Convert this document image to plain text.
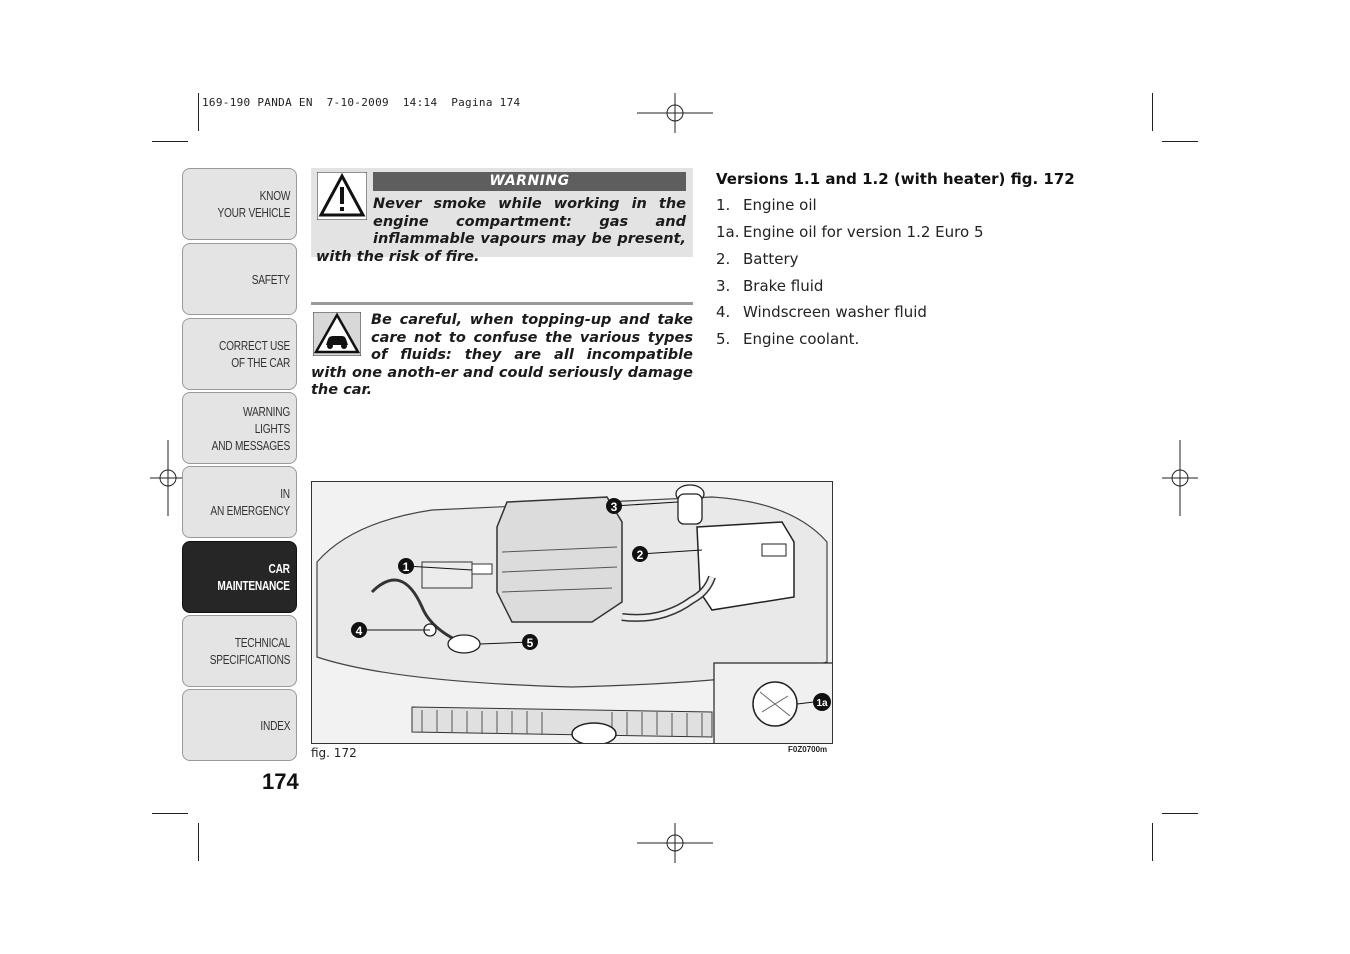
169-190 PANDA EN  7-10-2009  14:14  Pagina 174
KNOW
YOUR VEHICLE
SAFETY
CORRECT USE
OF THE CAR
WARNING LIGHTS
AND MESSAGES
IN
AN EMERGENCY
CAR
MAINTENANCE
TECHNICAL
SPECIFICATIONS
INDEX
174
WARNING
Never smoke while working in the engine compartment: gas and inflammable vapours may be present, with the risk of fire.
Be careful, when topping-up and take care not to confuse the various types of fluids: they are all incompatible with one anoth-er and could seriously damage the car.
Versions 1.1 and 1.2 (with heater) fig. 172
1. Engine oil
1a. Engine oil for version 1.2 Euro 5
2. Battery
3. Brake fluid
4. Windscreen washer fluid
5. Engine coolant.
1
2
3
4
5
1a
fig. 172	F0Z0700m
